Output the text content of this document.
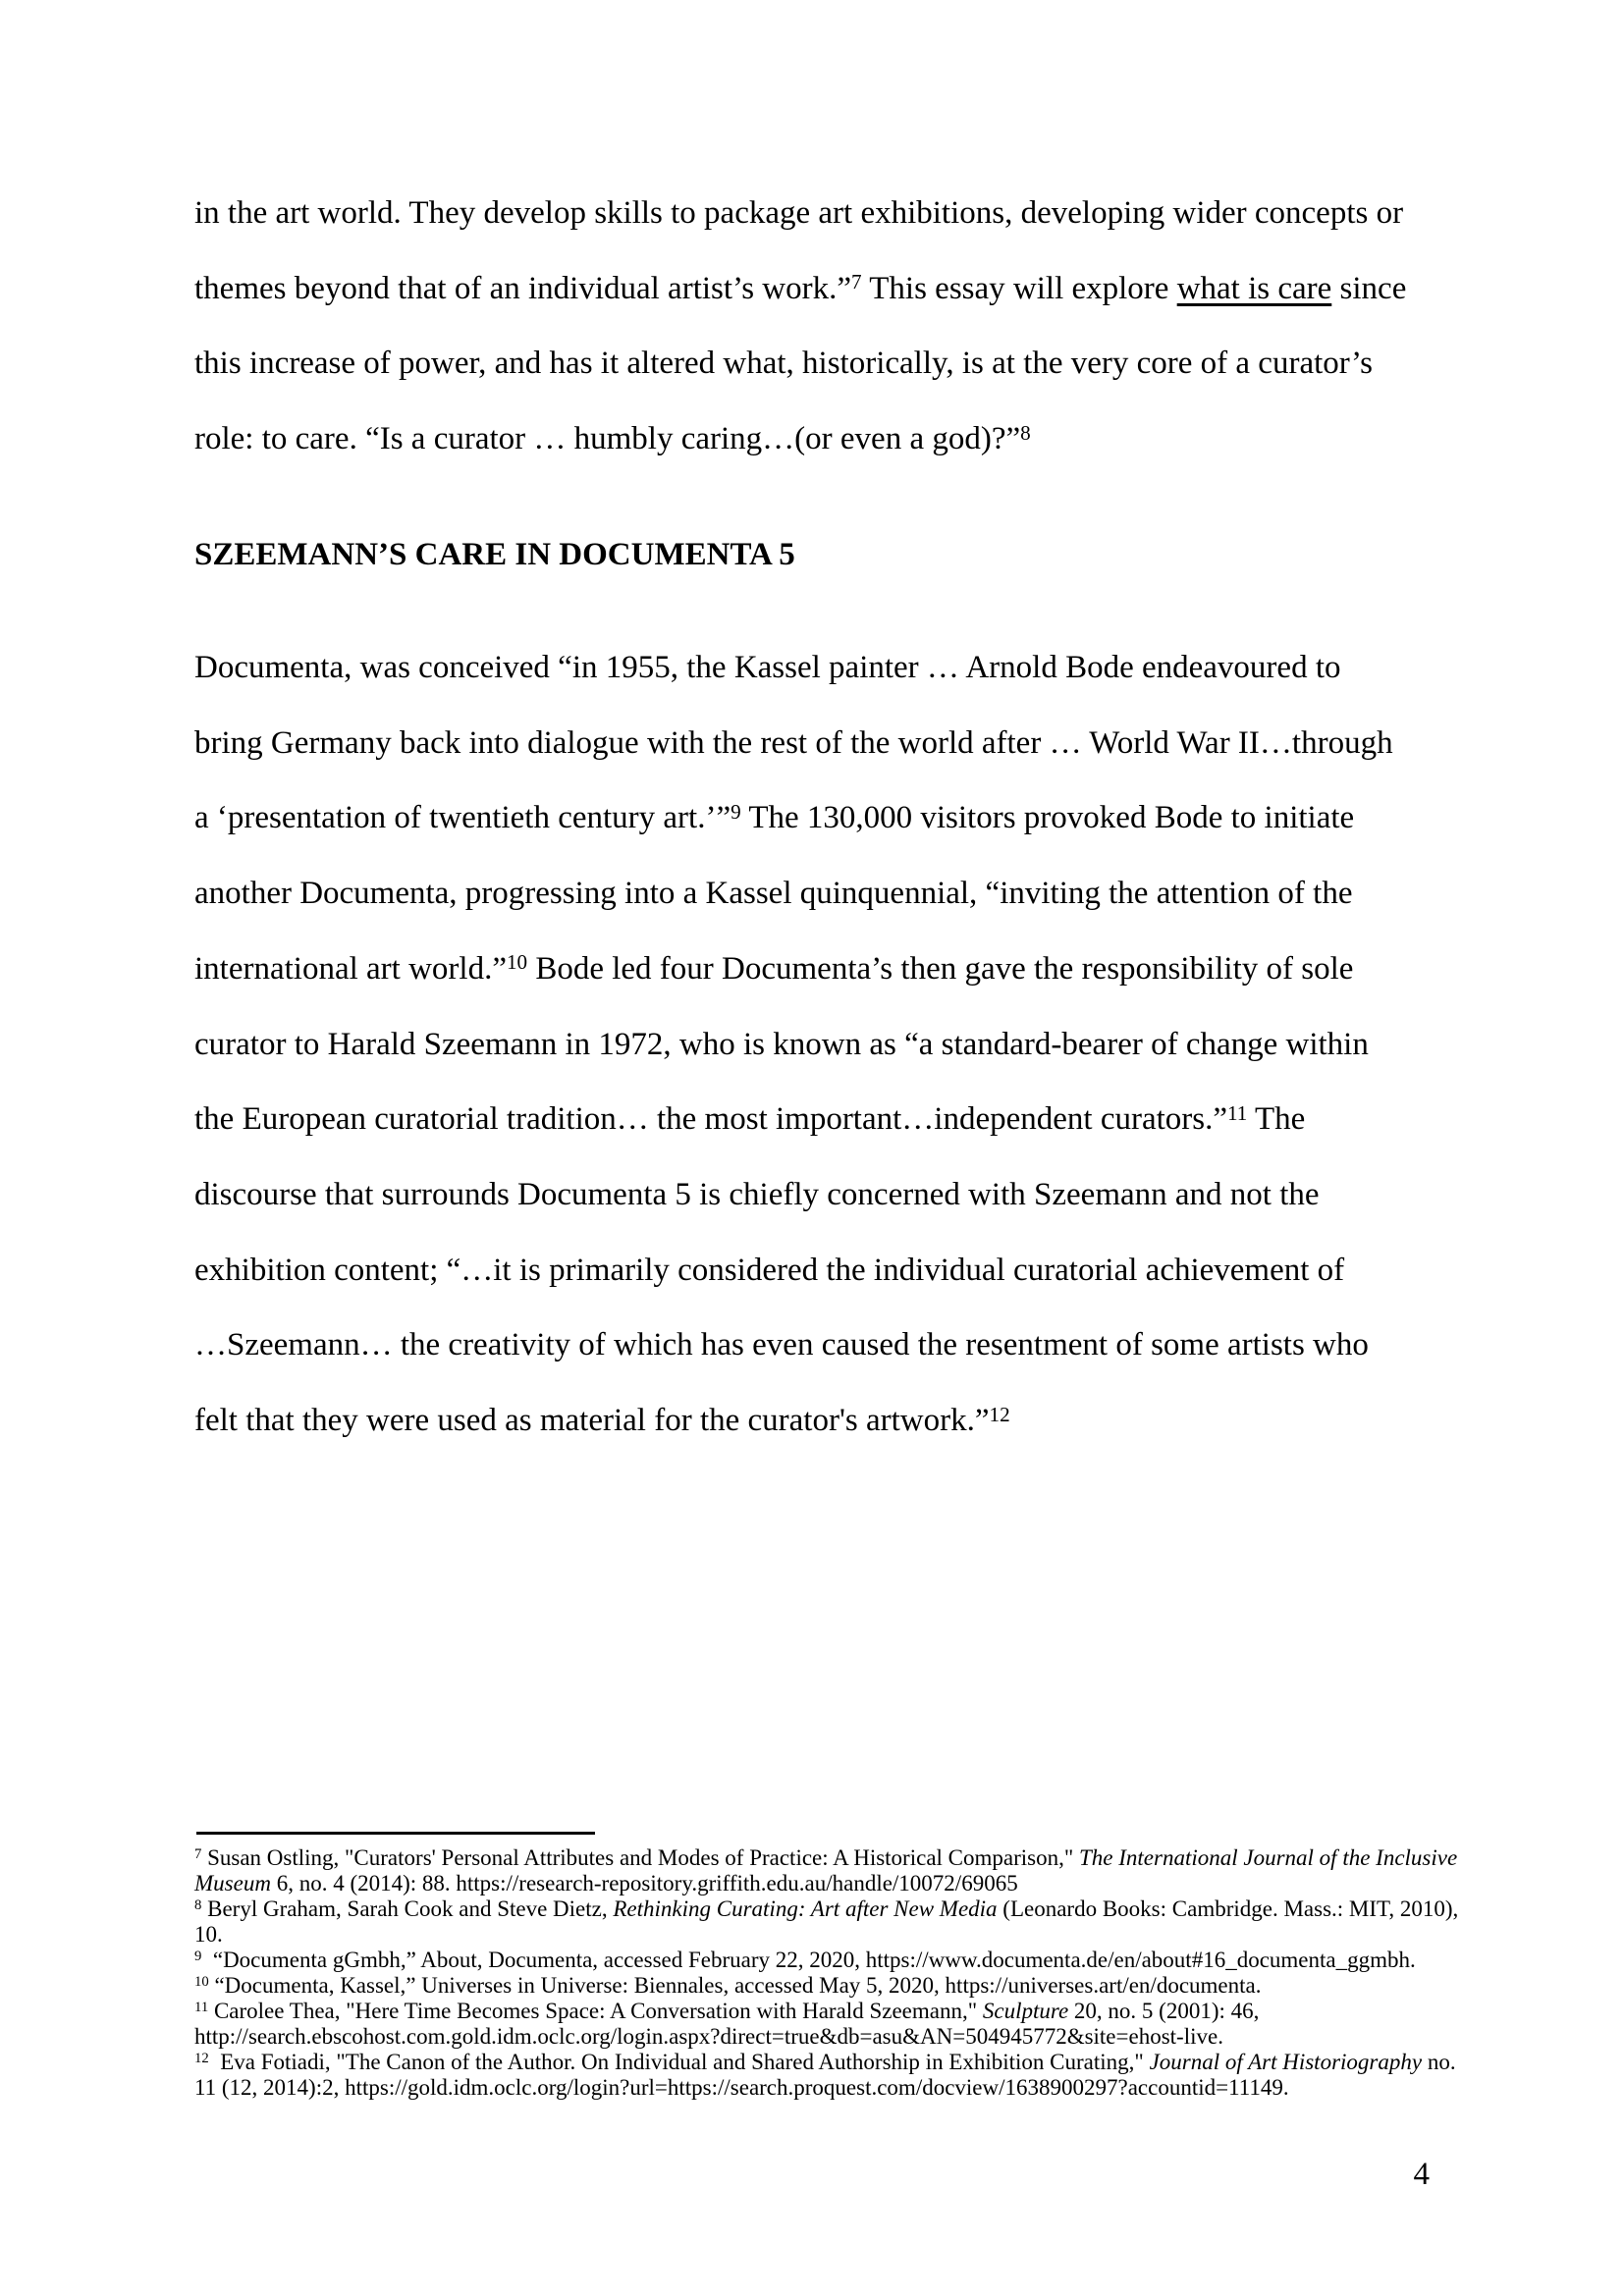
in the art world. They develop skills to package art exhibitions, developing wider concepts or
themes beyond that of an individual artist’s work.”$^7$ This essay will explore what is care since
this increase of power, and has it altered what, historically, is at the very core of a curator’s
role: to care. “Is a curator … humbly caring…(or even a god)?”$^8$
SZEEMANN’S CARE IN DOCUMENTA 5
Documenta, was conceived “in 1955, the Kassel painter … Arnold Bode endeavoured to
bring Germany back into dialogue with the rest of the world after … World War II…through
a ‘presentation of twentieth century art.’”$^9$ The 130,000 visitors provoked Bode to initiate
another Documenta, progressing into a Kassel quinquennial, “inviting the attention of the
international art world.”$^{10}$ Bode led four Documenta’s then gave the responsibility of sole
curator to Harald Szeemann in 1972, who is known as “a standard-bearer of change within
the European curatorial tradition… the most important…independent curators.”$^{11}$ The
discourse that surrounds Documenta 5 is chiefly concerned with Szeemann and not the
exhibition content; “…it is primarily considered the individual curatorial achievement of
…Szeemann… the creativity of which has even caused the resentment of some artists who
felt that they were used as material for the curator's artwork.”$^{12}$
$^7$ Susan Ostling, "Curators' Personal Attributes and Modes of Practice: A Historical Comparison," The International Journal of the Inclusive
Museum 6, no. 4 (2014): 88. https://research-repository.griffith.edu.au/handle/10072/69065
$^8$ Beryl Graham, Sarah Cook and Steve Dietz, Rethinking Curating: Art after New Media (Leonardo Books: Cambridge. Mass.: MIT, 2010),
10.
$^9$  “Documenta gGmbh,” About, Documenta, accessed February 22, 2020, https://www.documenta.de/en/about#16_documenta_ggmbh.
$^{10}$ “Documenta, Kassel,” Universes in Universe: Biennales, accessed May 5, 2020, https://universes.art/en/documenta.
$^{11}$ Carolee Thea, "Here Time Becomes Space: A Conversation with Harald Szeemann," Sculpture 20, no. 5 (2001): 46,
http://search.ebscohost.com.gold.idm.oclc.org/login.aspx?direct=true&db=asu&AN=504945772&site=ehost-live.
$^{12}$  Eva Fotiadi, "The Canon of the Author. On Individual and Shared Authorship in Exhibition Curating," Journal of Art Historiography no.
11 (12, 2014):2, https://gold.idm.oclc.org/login?url=https://search.proquest.com/docview/1638900297?accountid=11149.
4
